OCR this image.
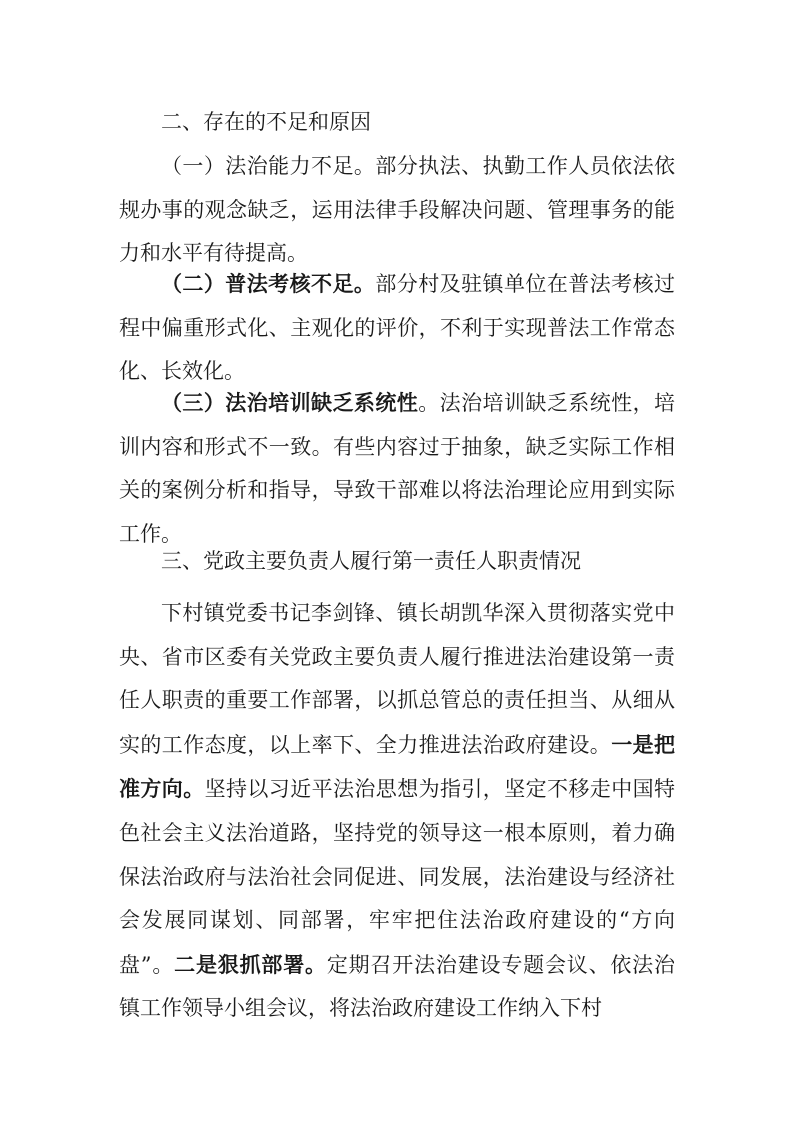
二、存在的不足和原因

（一）法治能力不足。部分执法、执勤工作人员依法依规办事的观念缺乏，运用法律手段解决问题、管理事务的能力和水平有待提高。

（二）普法考核不足。部分村及驻镇单位在普法考核过程中偏重形式化、主观化的评价，不利于实现普法工作常态化、长效化。

（三）法治培训缺乏系统性。法治培训缺乏系统性，培训内容和形式不一致。有些内容过于抽象，缺乏实际工作相关的案例分析和指导，导致干部难以将法治理论应用到实际工作。

三、党政主要负责人履行第一责任人职责情况

下村镇党委书记李剑锋、镇长胡凯华深入贯彻落实党中央、省市区委有关党政主要负责人履行推进法治建设第一责任人职责的重要工作部署，以抓总管总的责任担当、从细从实的工作态度，以上率下、全力推进法治政府建设。一是把准方向。坚持以习近平法治思想为指引，坚定不移走中国特色社会主义法治道路，坚持党的领导这一根本原则，着力确保法治政府与法治社会同促进、同发展，法治建设与经济社会发展同谋划、同部署，牢牢把住法治政府建设的“方向盘”。二是狠抓部署。定期召开法治建设专题会议、依法治镇工作领导小组会议，将法治政府建设工作纳入下村
